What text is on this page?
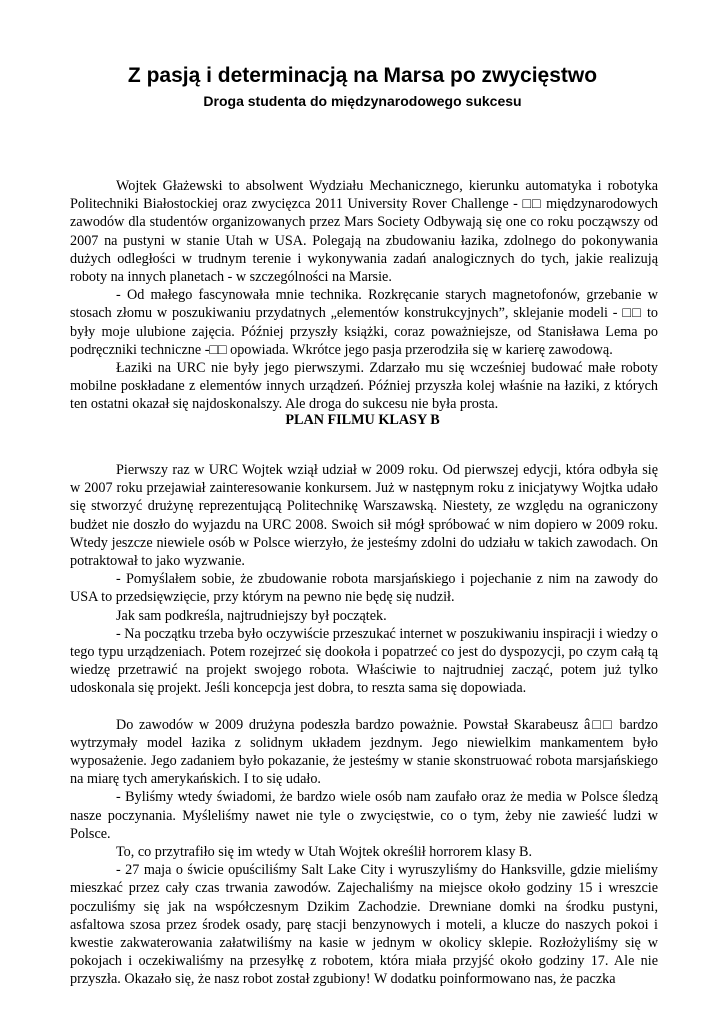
Z pasją i determinacją na Marsa po zwycięstwo
Droga studenta do międzynarodowego sukcesu

Wojtek Głażewski to absolwent Wydziału Mechanicznego, kierunku automatyka i robotyka Politechniki Białostockiej oraz zwycięzca 2011 University Rover Challenge - □□ międzynarodowych zawodów dla studentów organizowanych przez Mars Society Odbywają się one co roku począwszy od 2007 na pustyni w stanie Utah w USA. Polegają na zbudowaniu łazika, zdolnego do pokonywania dużych odległości w trudnym terenie i wykonywania zadań analogicznych do tych, jakie realizują roboty na innych planetach - w szczególności na Marsie.

- Od małego fascynowała mnie technika. Rozkręcanie starych magnetofonów, grzebanie w stosach złomu w poszukiwaniu przydatnych „elementów konstrukcyjnych”, sklejanie modeli - □□ to były moje ulubione zajęcia. Później przyszły książki, coraz poważniejsze, od Stanisława Lema po podręczniki techniczne -□□ opowiada. Wkrótce jego pasja przerodziła się w karierę zawodową.

Łaziki na URC nie były jego pierwszymi. Zdarzało mu się wcześniej budować małe roboty mobilne poskładane z elementów innych urządzeń. Później przyszła kolej właśnie na łaziki, z których ten ostatni okazał się najdoskonalszy. Ale droga do sukcesu nie była prosta.

PLAN FILMU KLASY B

Pierwszy raz w URC Wojtek wziął udział w 2009 roku. Od pierwszej edycji, która odbyła się w 2007 roku przejawiał zainteresowanie konkursem. Już w następnym roku z inicjatywy Wojtka udało się stworzyć drużynę reprezentującą Politechnikę Warszawską. Niestety, ze względu na ograniczony budżet nie doszło do wyjazdu na URC 2008. Swoich sił mógł spróbować w nim dopiero w 2009 roku. Wtedy jeszcze niewiele osób w Polsce wierzyło, że jesteśmy zdolni do udziału w takich zawodach. On potraktował to jako wyzwanie.

- Pomyślałem sobie, że zbudowanie robota marsjańskiego i pojechanie z nim na zawody do USA to przedsięwzięcie, przy którym na pewno nie będę się nudził.

Jak sam podkreśla, najtrudniejszy był początek.

- Na początku trzeba było oczywiście przeszukać internet w poszukiwaniu inspiracji i wiedzy o tego typu urządzeniach. Potem rozejrzeć się dookoła i popatrzeć co jest do dyspozycji, po czym całą tą wiedzę przetrawić na projekt swojego robota. Właściwie to najtrudniej zacząć, potem już tylko udoskonala się projekt. Jeśli koncepcja jest dobra, to reszta sama się dopowiada.

Do zawodów w 2009 drużyna podeszła bardzo poważnie. Powstał Skarabeusz â□□ bardzo wytrzymały model łazika z solidnym układem jezdnym. Jego niewielkim mankamentem było wyposażenie. Jego zadaniem było pokazanie, że jesteśmy w stanie skonstruować robota marsjańskiego na miarę tych amerykańskich. I to się udało.

- Byliśmy wtedy świadomi, że bardzo wiele osób nam zaufało oraz że media w Polsce śledzą nasze poczynania. Myśleliśmy nawet nie tyle o zwycięstwie, co o tym, żeby nie zawieść ludzi w Polsce.

To, co przytrafiło się im wtedy w Utah Wojtek określił horrorem klasy B.

- 27 maja o świcie opuściliśmy Salt Lake City i wyruszyliśmy do Hanksville, gdzie mieliśmy mieszkać przez cały czas trwania zawodów. Zajechaliśmy na miejsce około godziny 15 i wreszcie poczuliśmy się jak na współczesnym Dzikim Zachodzie. Drewniane domki na środku pustyni, asfaltowa szosa przez środek osady, parę stacji benzynowych i moteli, a klucze do naszych pokoi i kwestie zakwaterowania załatwiliśmy na kasie w jednym w okolicy sklepie. Rozłożyliśmy się w pokojach i oczekiwaliśmy na przesyłkę z robotem, która miała przyjść około godziny 17. Ale nie przyszła. Okazało się, że nasz robot został zgubiony! W dodatku poinformowano nas, że paczka
